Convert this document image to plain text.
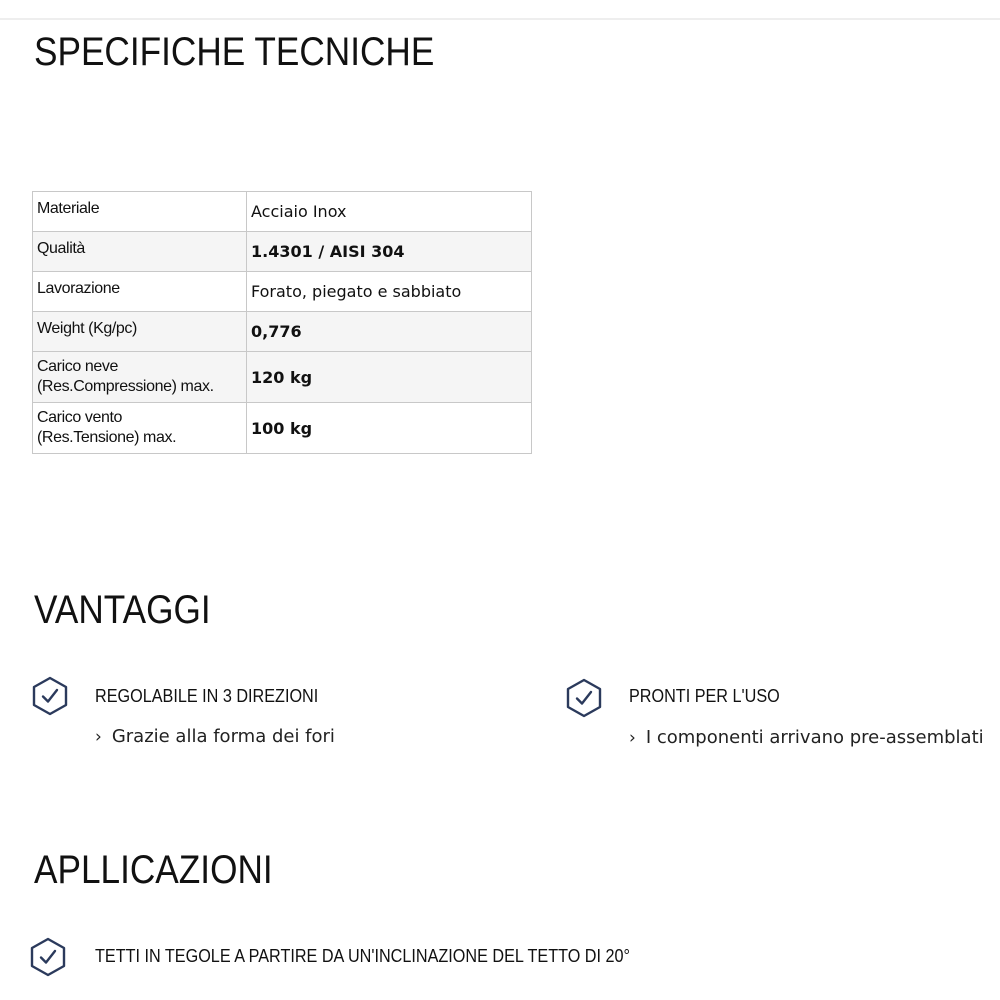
SPECIFICHE TECNICHE
Materiale	Acciaio Inox
Qualità	1.4301 / AISI 304
Lavorazione	Forato, piegato e sabbiato
Weight (Kg/pc)	0,776

Carico neve
(Res.Compressione) max.	120 kg

Carico vento
(Res.Tensione) max.	100 kg
VANTAGGI
REGOLABILE IN 3 DIREZIONI
› Grazie alla forma dei fori
PRONTI PER L'USO
› I componenti arrivano pre-assemblati
APLLICAZIONI
TETTI IN TEGOLE A PARTIRE DA UN'INCLINAZIONE DEL TETTO DI 20°
